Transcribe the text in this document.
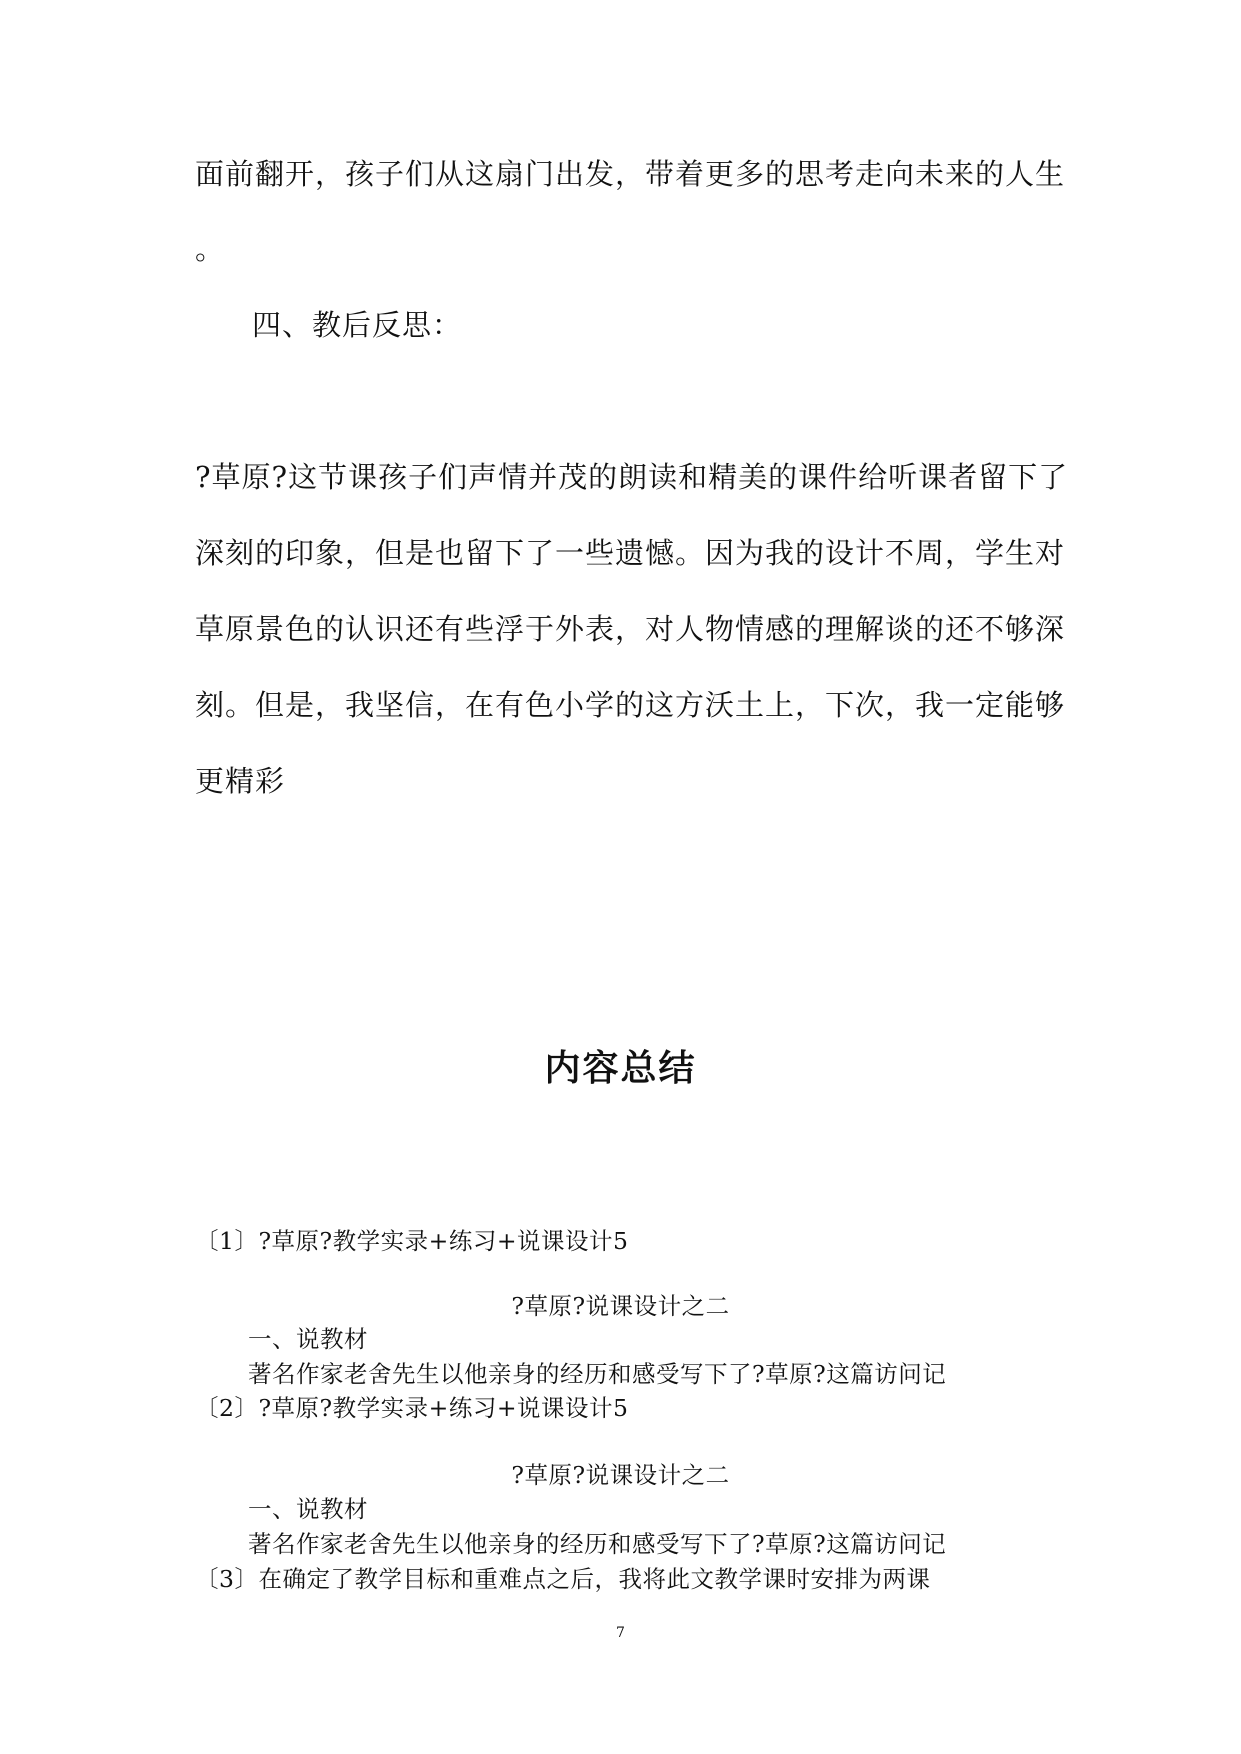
面前翻开，孩子们从这扇门出发，带着更多的思考走向未来的人生
。
四、教后反思：
?草原?这节课孩子们声情并茂的朗读和精美的课件给听课者留下了
深刻的印象，但是也留下了一些遗憾。因为我的设计不周，学生对
草原景色的认识还有些浮于外表，对人物情感的理解谈的还不够深
刻。但是，我坚信，在有色小学的这方沃土上，下次，我一定能够
更精彩
内容总结
〔1〕?草原?教学实录+练习+说课设计5
?草原?说课设计之二
一、说教材
著名作家老舍先生以他亲身的经历和感受写下了?草原?这篇访问记
〔2〕?草原?教学实录+练习+说课设计5
?草原?说课设计之二
一、说教材
著名作家老舍先生以他亲身的经历和感受写下了?草原?这篇访问记
〔3〕在确定了教学目标和重难点之后，我将此文教学课时安排为两课
7
